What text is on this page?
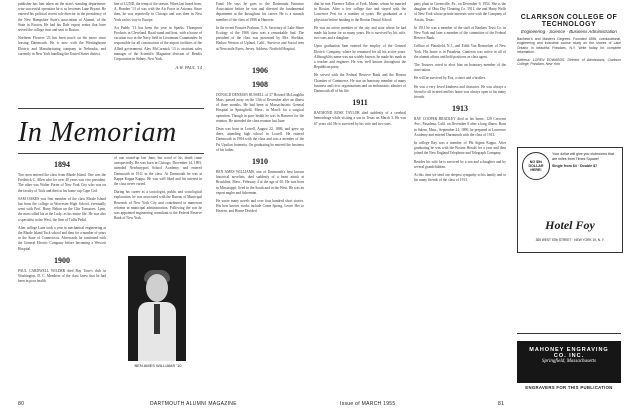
publisher has him taken on the man's standing department-wise successful operation he is so becomes Lane Bryant. He entered his political recent role director in the presidency of the New Hampshire State's association of Alumni, of the State in Boston. He had his Dale expert senior that have served the college trust and sent to Boston.

Northern Flowers '23 has been much on the move since leaving Dartmouth. He is now with the Westinghouse Electric and Manufacturing company in Nebraska, and currently in New York handling the United States district.

line of LUND, the temp of the season. When last heard from, A. Bomber '13 of was with the Air Force in Arizona. Since then, he was reportedly in Chicago and was then in New York on his way to Europe.

Art Paddy '13 has been the year in Sparks. Thompson Products in Cleveland. Road stand and heat, with a house of vacation two in the Navy field in Lieutenant Commander. In responsible for all construction of the airport facilities of the Allied government. Alex McCormick '13 is assistant sales manager of the Scientific Magazine division of Bendix Corporation in Sidney, New York.

A.W. PAUL '14
In Memoriam
1894

Two men entered the class from Rhode Island. One was the Frederick C. Allen who for over 40 years was vice president. The other was Walter Porter of New York City who was on the faculty of Tuck and died at his home cap Cape Cod.

SAM OAKES was first member of the class Rhode Island but from the college at Worcester High School, eventually went with Prof. Harry Belton on the Clin Tomatoes. Lynn, the man called his at the Ludy, as his entire life. He was also a specialist in the West, the firm of Tullis Pedal.

After college Lane took a year in mechanical engineering at the Rhode Island Tuck school and then for a number of years in the State of Connecticut. Afterwards he continued with the General Electric Company before becoming a Wescott Hospital.

1900

PAUL CARDWELL WILDER died Ray Tone's club in Washington, D. C. Members of the class knew that he had been in poor health.

of one round-up last June, but word of his death came unexpectedly. He was born in Chicago, December 14, 1893, attended Newburyport School Academy, and entered Dartmouth in 1911 in the class. At Dartmouth he was at Kappa Kappa Kappa. He was well liked and his interest in the class never varied.

During his career as a sociologist, public and sociological exploration, he was associated with the Bureau of Municipal Research of New York City and contributed to numerous reforms in municipal administration. Following the war he was appointed engineering consultant to the Federal Reserve Bank of New York.

BEN AMES WILLIAMS '10

Fund. He says he goes to the Dartmouth Entrance Association before he was and directed the fundamental department at the throughout his career. He is a staunch member of the class of 1906 at Hanover.

In the recent Frances Pralinus, T. A. Secretary of Lake Shore Ecology of the 1906 class was a remarkable find. The president of the class was presented by Mrs. Sheldon, Harlow Weston of Upland, Calif., Survivor and Social teen at Newcastle Eyres, Jersey. Address: Norfield Hospital.

1906
1908

DONALD DENMAN RUSSELL of 37 Howard McLaughlin Mass. passed away on the 13th of December after an illness of three months. He had been at Massachusetts General Hospital in Springfield, Mass., in March for a surgical operation. Though in poor health he was in Hanover for the reunion. He attended the class reunion last June.

Dean was born in Lowell, August 22, 1886, and grew up there, attending high school in Lowell. He entered Dartmouth in 1904 with the class and was a member of the Psi Upsilon fraternity. On graduating he entered the business of his father.

1910

BEN AMES WILLIAMS, one of Dartmouth's best known historical novelists, died suddenly of a heart attack at Brookline, Mass., February 4 at the age of 65. He was born in Mississippi, lived in the South and in the West. He was an expert angler and fisherman.

He wrote many novels and over four hundred short stories. His best known works include Come Spring, Leave Her to Heaven, and House Divided.

that he met Florence Talbot of Fork, Maine, whom he married in Boston. After a few college fine and stayed with the Lawrence Pest for a number of years. He graduated as a physician before heading to the Boston Dental School.

He was an active member of the city and state where he had made his home for so many years. He is survived by his wife, two sons and a daughter.

Upon graduation Sam entered the employ of the General Electric Company, where he remained for all his active years. Although his name was not widely known, he made his mark as a teacher and engineer. He was well known throughout the Republican party.

He served with the Federal Reserve Bank and the Boston Chamber of Commerce. He was an honorary member of many business and civic organizations and an enthusiastic admirer of Dartmouth all of his life.

1911

RAYMOND ROSE TAYLOR died suddenly of a cerebral hemorrhage while visiting a son in Texas on March 3. He was 67 years old. He is survived by his wife and two sons.

pany plant in Greenville, Pa., on December 9, 1954. She is the daughter of Ohio Dry Cleaning Co. 1911, she and Harry Wells of New York whose private interests were with the Company of Austin, Texas.

In 1911 he was a member of the staff of Bankers Trust Co. in New York and later a member of the committee of the Federal Reserve Bank.

Gellino of Plainfield, N.J., and Edith Van Rensselaer of New York. His home is in Pasadena. Cameron was active in all of the alumni affairs and held positions as class agent.

The Trustees voted to elect him an honorary member of the association.

He will be survived by Eva, a sister and a brother.

He was a very loved kindness and character. He was always a friend to all in need and his home was always open to his many friends.

1913

RAY COOPER BRADLEY died at his home, 120 Crescent Ave., Pasadena, Calif. on December 8 after a long illness. Born in Salem, Mass., September 24, 1890, he prepared at Lawrence Academy and entered Dartmouth with the class of 1913.

In college Ray was a member of Phi Sigma Kappa. After graduating he was with the Boston Herald for a year and then joined the New England Telephone and Telegraph Company.

Besides his wife he is survived by a son and a daughter and by several grandchildren.

At this time we send our deepest sympathy to his family and to his many friends of the class of 1913.

CLARKSON COLLEGE OF TECHNOLOGY
Engineering · Science · Business Administration
Bachelor's and Master's Degrees. Founded 1896, coeducational, engineering and industrial course study on the shores of Lake Ontario in beautiful Potsdam, N.Y. Write today for complete information.
Address: LOREN EDWARDS, Director of Admissions, Clarkson College, Potsdam, New York
NO $5¢ DOLLAR HERE!
Your dollar will give you clubrooms that are miles from Times Square!
Single from $4 · Double $7
Hotel Foy
365 WEST 57th STREET · NEW YORK 19, N. Y.
MAHONEY ENGRAVING CO. INC.
Springfield, Massachusetts
ENGRAVERS FOR THIS PUBLICATION
80	DARTMOUTH ALUMNI MAGAZINE	Issue of MARCH 1955	81
